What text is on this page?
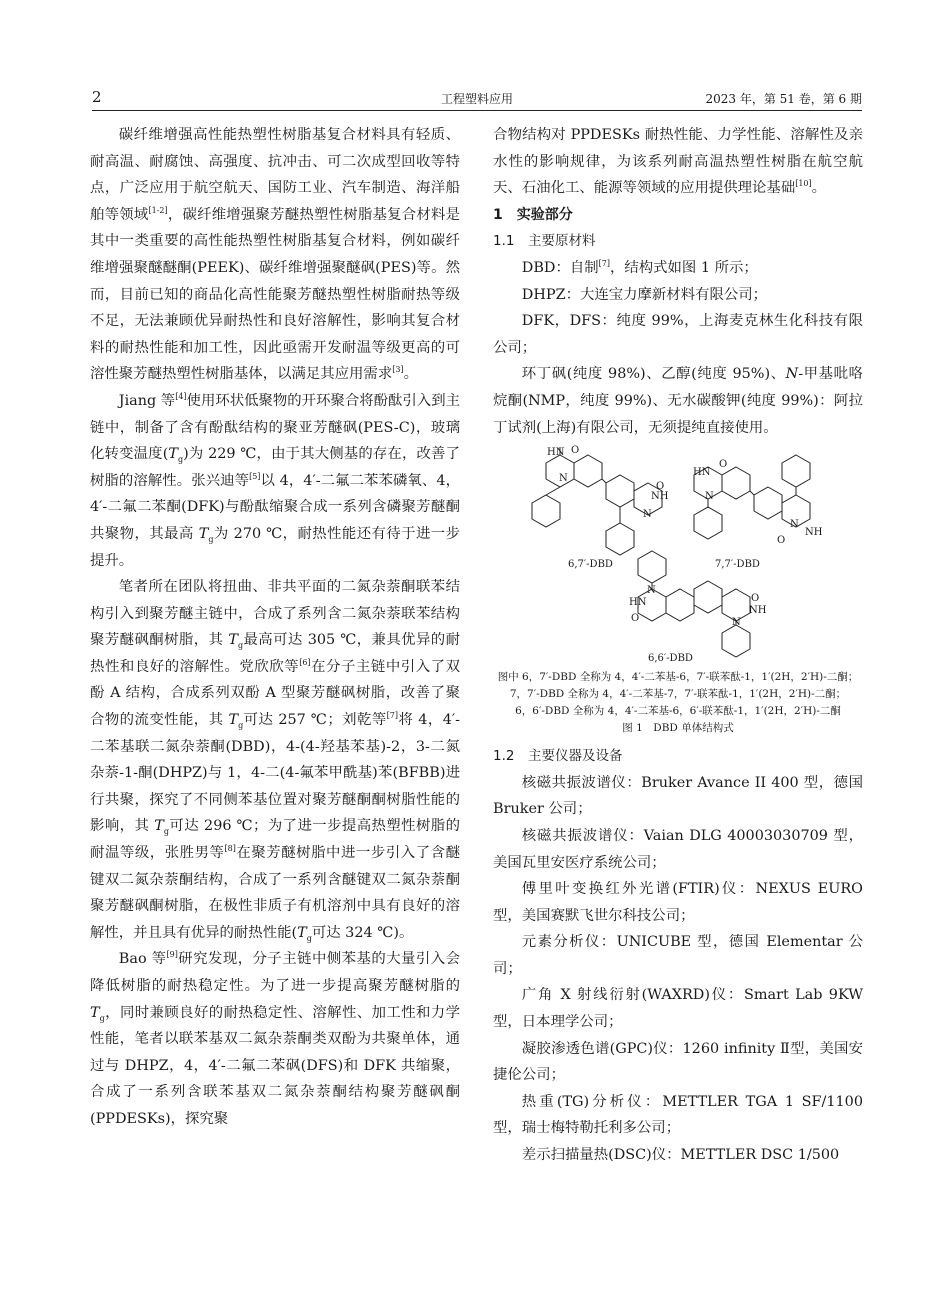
2	工程塑料应用	2023 年，第 51 卷，第 6 期

碳纤维增强高性能热塑性树脂基复合材料具有轻质、耐高温、耐腐蚀、高强度、抗冲击、可二次成型回收等特点，广泛应用于航空航天、国防工业、汽车制造、海洋船舶等领域[1-2]，碳纤维增强聚芳醚热塑性树脂基复合材料是其中一类重要的高性能热塑性树脂基复合材料，例如碳纤维增强聚醚醚酮(PEEK)、碳纤维增强聚醚砜(PES)等。然而，目前已知的商品化高性能聚芳醚热塑性树脂耐热等级不足，无法兼顾优异耐热性和良好溶解性，影响其复合材料的耐热性能和加工性，因此亟需开发耐温等级更高的可溶性聚芳醚热塑性树脂基体，以满足其应用需求[3]。

Jiang 等[4]使用环状低聚物的开环聚合将酚酞引入到主链中，制备了含有酚酞结构的聚亚芳醚砜(PES-C)，玻璃化转变温度$(T_g)$为 229 ℃，由于其大侧基的存在，改善了树脂的溶解性。张兴迪等[5]以 4，4′-二氟二苯苯磷氧、4，4′-二氟二苯酮(DFK)与酚酞缩聚合成一系列含磷聚芳醚酮共聚物，其最高 $T_g$为 270 ℃，耐热性能还有待于进一步提升。

笔者所在团队将扭曲、非共平面的二氮杂萘酮联苯结构引入到聚芳醚主链中，合成了系列含二氮杂萘联苯结构聚芳醚砜酮树脂，其 $T_g$最高可达 305 ℃，兼具优异的耐热性和良好的溶解性。党欣欣等[6]在分子主链中引入了双酚 A 结构，合成系列双酚 A 型聚芳醚砜树脂，改善了聚合物的流变性能，其 $T_g$可达 257 ℃；刘乾等[7]将 4，4′-二苯基联二氮杂萘酮(DBD)，4-(4-羟基苯基)-2，3-二氮杂萘-1-酮(DHPZ)与 1，4-二(4-氟苯甲酰基)苯(BFBB)进行共聚，探究了不同侧苯基位置对聚芳醚酮酮树脂性能的影响，其 $T_g$可达 296 ℃；为了进一步提高热塑性树脂的耐温等级，张胜男等[8]在聚芳醚树脂中进一步引入了含醚键双二氮杂萘酮结构，合成了一系列含醚键双二氮杂萘酮聚芳醚砜酮树脂，在极性非质子有机溶剂中具有良好的溶解性，并且具有优异的耐热性能($T_g$可达 324 ℃)。

Bao 等[9]研究发现，分子主链中侧苯基的大量引入会降低树脂的耐热稳定性。为了进一步提高聚芳醚树脂的 $T_g$，同时兼顾良好的耐热稳定性、溶解性、加工性和力学性能，笔者以联苯基双二氮杂萘酮类双酚为共聚单体，通过与 DHPZ，4，4′-二氟二苯砜(DFS)和 DFK 共缩聚，合成了一系列含联苯基双二氮杂萘酮结构聚芳醚砜酮(PPDESKs)，探究聚

合物结构对 PPDESKs 耐热性能、力学性能、溶解性及亲水性的影响规律，为该系列耐高温热塑性树脂在航空航天、石油化工、能源等领域的应用提供理论基础[10]。

1　实验部分

1.1　主要原材料

DBD：自制[7]，结构式如图 1 所示；

DHPZ：大连宝力摩新材料有限公司；

DFK，DFS：纯度 99%，上海麦克林生化科技有限公司；

环丁砜(纯度 98%)、乙醇(纯度 95%)、N-甲基吡咯烷酮(NMP，纯度 99%)、无水碳酸钾(纯度 99%)：阿拉丁试剂(上海)有限公司，无须提纯直接使用。

HN O
N
O
NH
N
HN
O
N
N
NH
O
HN
N
O
O
NH
N
6,7′-DBD	7,7′-DBD
6,6′-DBD
图中 6，7′-DBD 全称为 4，4′-二苯基-6，7′-联苯酞-1，1′(2H，2′H)-二酮；
7，7′-DBD 全称为 4，4′-二苯基-7，7′-联苯酞-1，1′(2H，2′H)-二酮；
6，6′-DBD 全称为 4，4′-二苯基-6，6′-联苯酞-1，1′(2H，2′H)-二酮
图 1　DBD 单体结构式

1.2　主要仪器及设备

核磁共振波谱仪：Bruker Avance II 400 型，德国 Bruker 公司；

核磁共振波谱仪：Vaian DLG 40003030709 型，美国瓦里安医疗系统公司；

傅里叶变换红外光谱(FTIR)仪：NEXUS EURO 型，美国赛默飞世尔科技公司；

元素分析仪：UNICUBE 型，德国 Elementar 公司；

广角 X 射线衍射(WAXRD)仪：Smart Lab 9KW 型，日本理学公司；

凝胶渗透色谱(GPC)仪：1260 infinity Ⅱ型，美国安捷伦公司；

热重(TG)分析仪：METTLER TGA 1 SF/1100 型，瑞士梅特勒托利多公司；

差示扫描量热(DSC)仪：METTLER DSC 1/500
